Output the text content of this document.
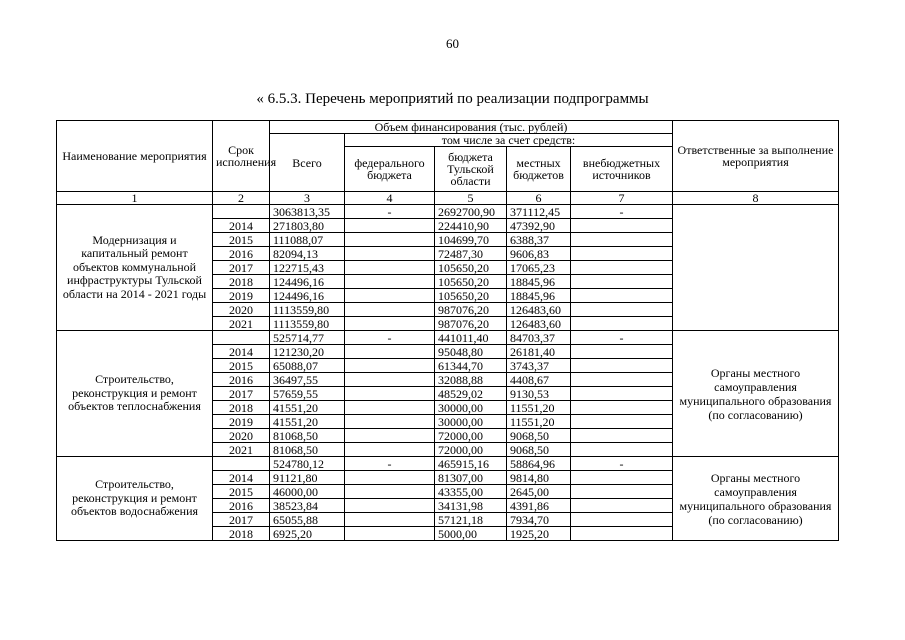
60
« 6.5.3. Перечень мероприятий по реализации подпрограммы
Наименование мероприятия	Срок исполнения	Объем финансирования (тыс. рублей)					Ответственные за выполнение мероприятия
		Всего	том числе за счет средств:				
			федерального бюджета	бюджета Тульской области	местных бюджетов	внебюджетных источников	
1	2	3	4	5	6	7	8
Модернизация и капитальный ремонт объектов коммунальной инфраструктуры Тульской области на 2014 - 2021 годы		3063813,35	-	2692700,90	371112,45	-	
	2014	271803,80		224410,90	47392,90		
	2015	111088,07		104699,70	6388,37		
	2016	82094,13		72487,30	9606,83		
	2017	122715,43		105650,20	17065,23		
	2018	124496,16		105650,20	18845,96		
	2019	124496,16		105650,20	18845,96		
	2020	1113559,80		987076,20	126483,60		
	2021	1113559,80		987076,20	126483,60		
Строительство, реконструкция и ремонт объектов теплоснабжения		525714,77	-	441011,40	84703,37	-	Органы местного самоуправления муниципального образования (по согласованию)
	2014	121230,20		95048,80	26181,40		
	2015	65088,07		61344,70	3743,37		
	2016	36497,55		32088,88	4408,67		
	2017	57659,55		48529,02	9130,53		
	2018	41551,20		30000,00	11551,20		
	2019	41551,20		30000,00	11551,20		
	2020	81068,50		72000,00	9068,50		
	2021	81068,50		72000,00	9068,50		
Строительство, реконструкция и ремонт объектов водоснабжения		524780,12	-	465915,16	58864,96	-	Органы местного самоуправления муниципального образования (по согласованию)
	2014	91121,80		81307,00	9814,80		
	2015	46000,00		43355,00	2645,00		
	2016	38523,84		34131,98	4391,86		
	2017	65055,88		57121,18	7934,70		
	2018	6925,20		5000,00	1925,20		
